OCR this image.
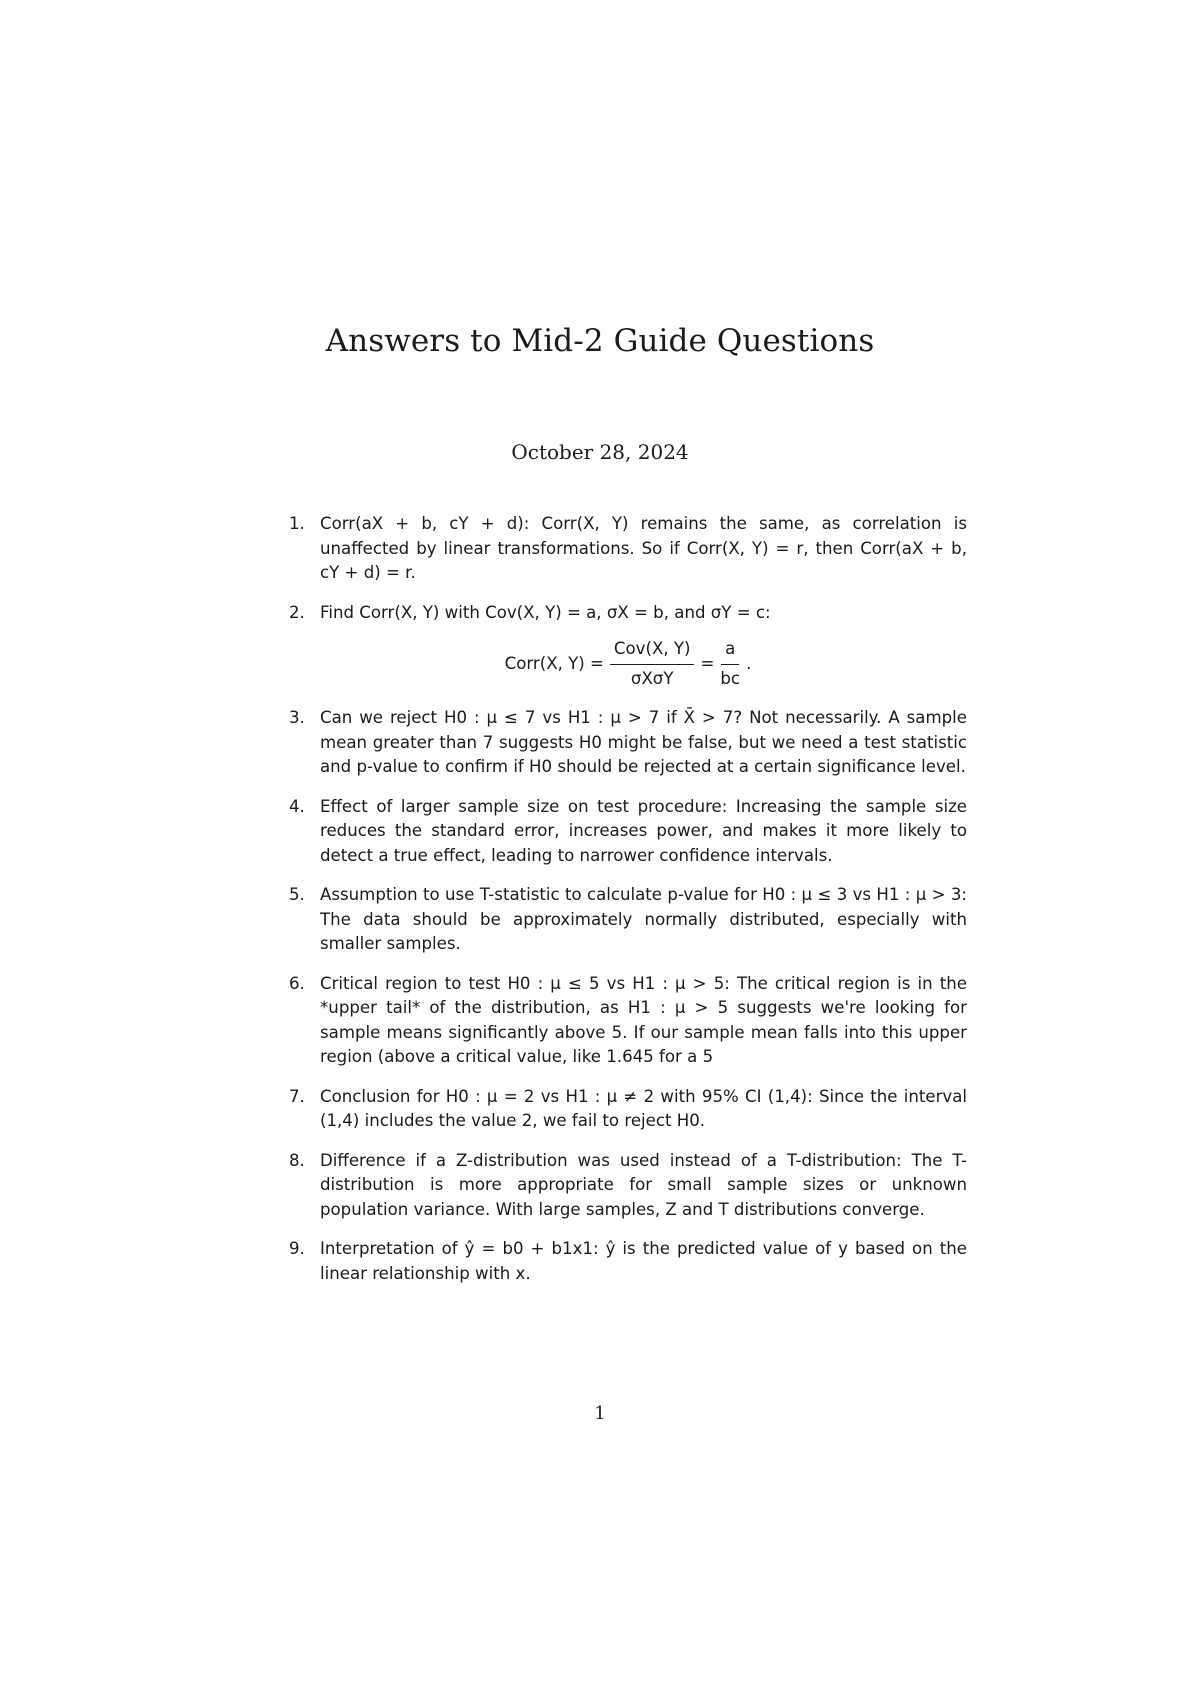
Answers to Mid-2 Guide Questions
October 28, 2024
1. Corr(aX + b, cY + d): Corr(X, Y) remains the same, as correlation is unaffected by linear transformations. So if Corr(X, Y) = r, then Corr(aX + b, cY + d) = r.
2. Find Corr(X, Y) with Cov(X, Y) = a, σX = b, and σY = c:
Corr(X, $Y) = \frac{\text{Cov(X, Y)}}{\text{σXσY}} = \frac{a}{bc}$ .
3. Can we reject H0 : μ ≤ 7 vs H1 : μ > 7 if X̄ > 7? Not necessarily. A sample mean greater than 7 suggests H0 might be false, but we need a test statistic and p-value to confirm if H0 should be rejected at a certain significance level.
4. Effect of larger sample size on test procedure: Increasing the sample size reduces the standard error, increases power, and makes it more likely to detect a true effect, leading to narrower confidence intervals.
5. Assumption to use T-statistic to calculate p-value for H0 : μ ≤ 3 vs H1 : μ > 3: The data should be approximately normally distributed, especially with smaller samples.
6. Critical region to test H0 : μ ≤ 5 vs H1 : μ > 5: The critical region is in the *upper tail* of the distribution, as H1 : μ > 5 suggests we're looking for sample means significantly above 5. If our sample mean falls into this upper region (above a critical value, like 1.645 for a 5
7. Conclusion for H0 : μ = 2 vs H1 : μ ≠ 2 with 95% CI (1,4): Since the interval (1,4) includes the value 2, we fail to reject H0.
8. Difference if a Z-distribution was used instead of a T-distribution: The T-distribution is more appropriate for small sample sizes or unknown population variance. With large samples, Z and T distributions converge.
9. Interpretation of ŷ = b0 + b1x1: ŷ is the predicted value of y based on the linear relationship with x.
1
